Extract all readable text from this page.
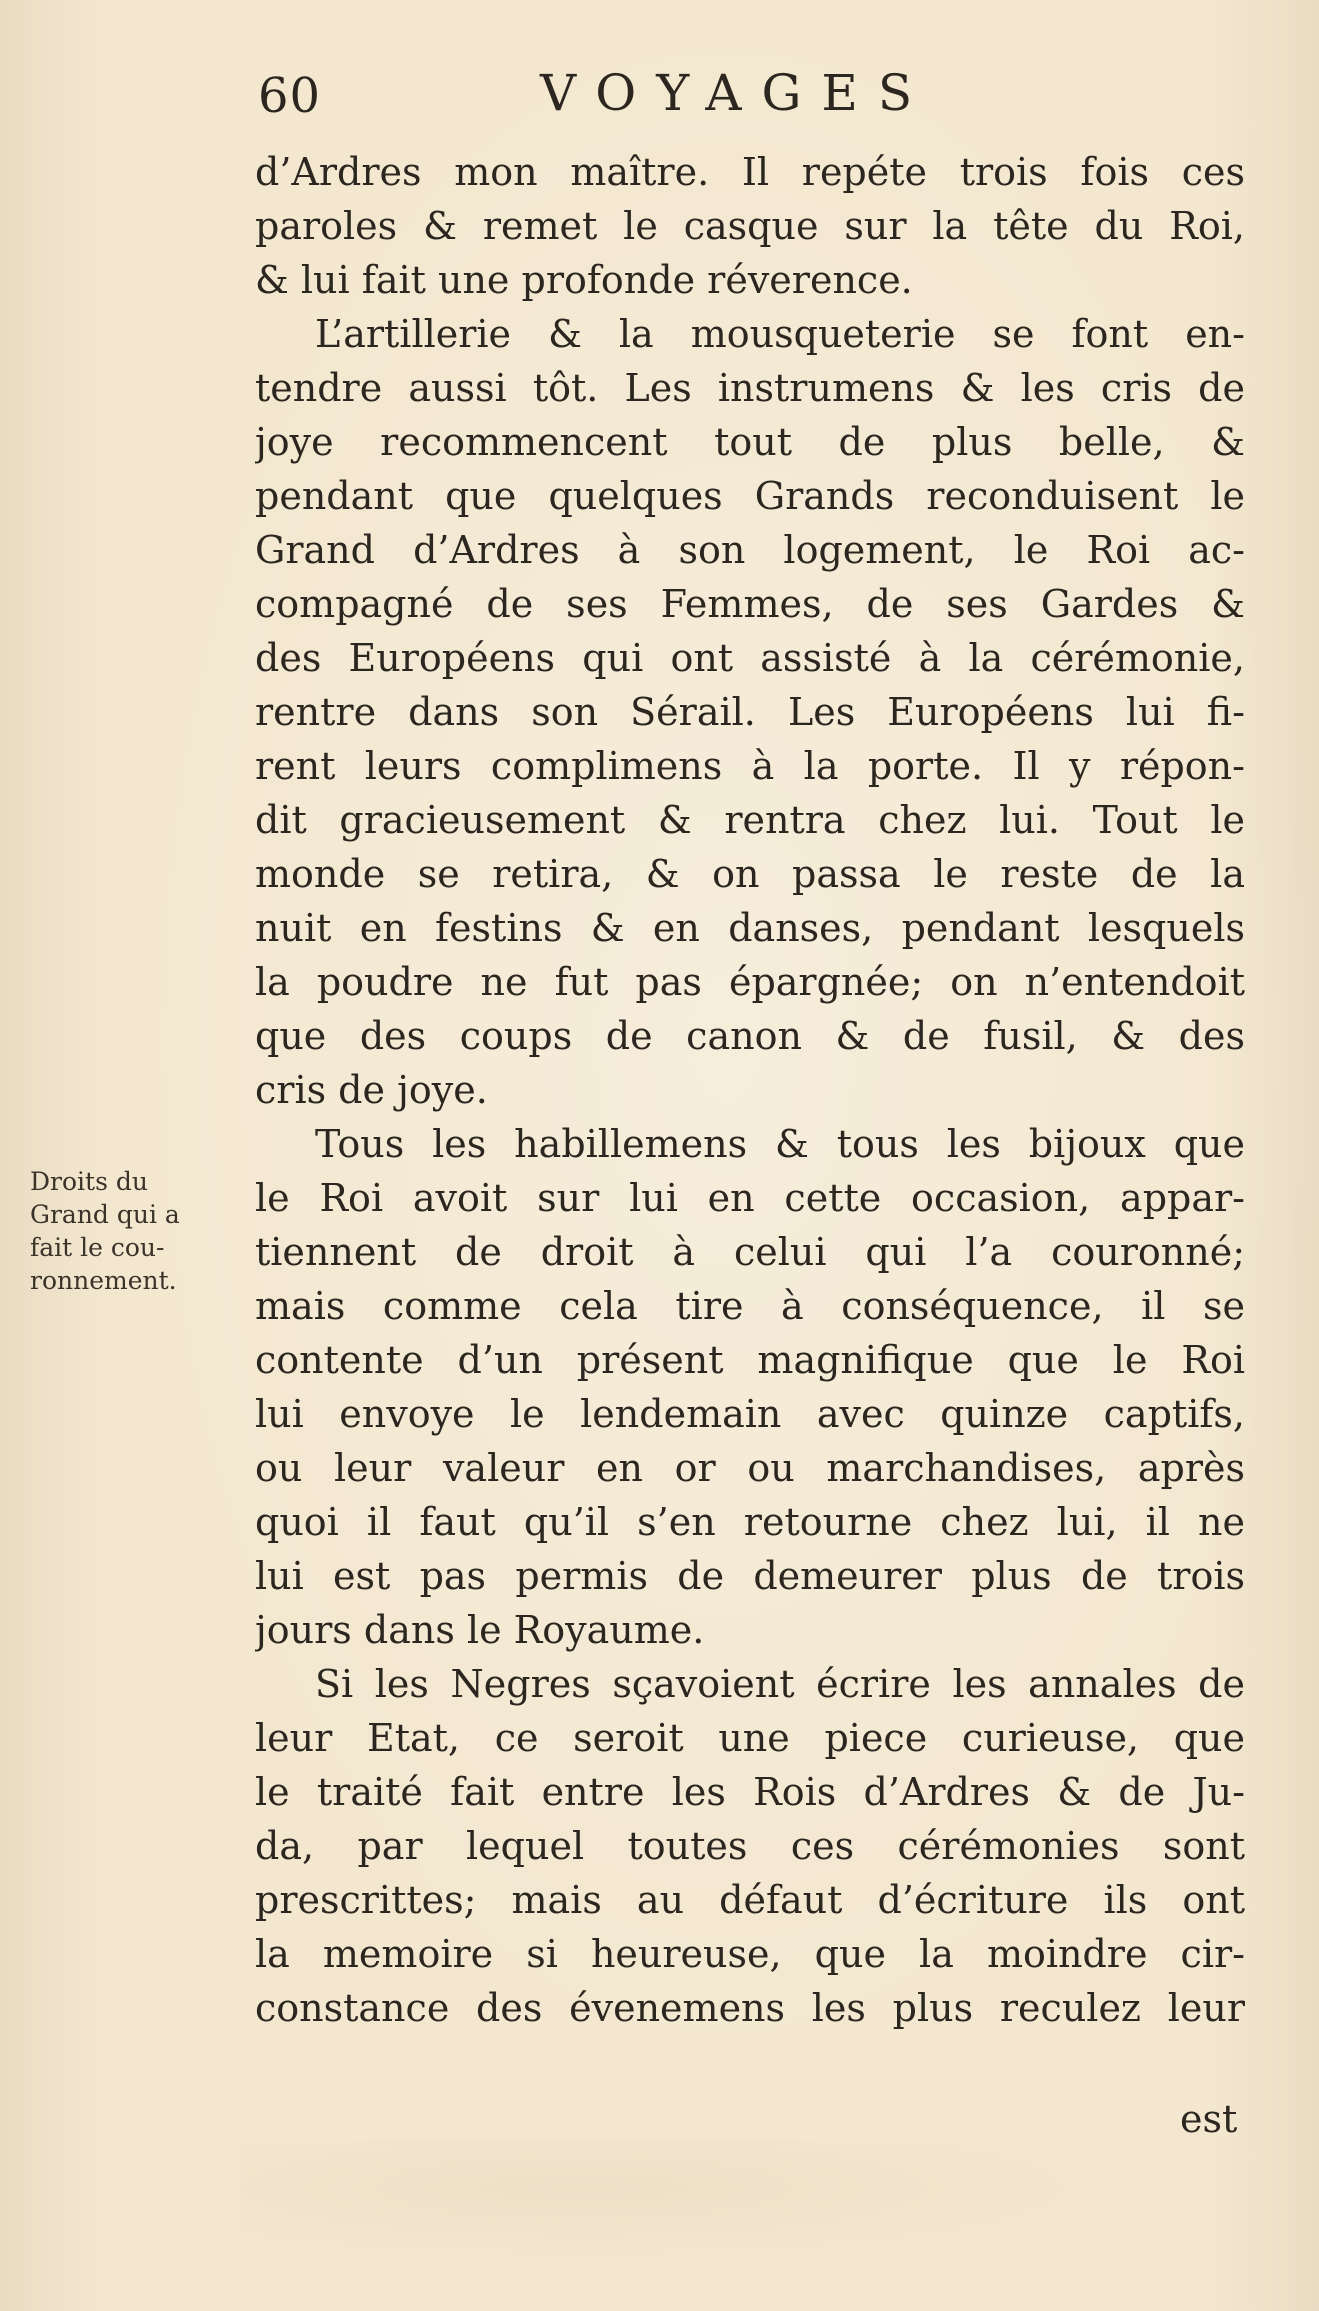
60	VOYAGES
Droits du
Grand qui a
fait le cou-
ronnement.
d’Ardres mon maître. Il repéte trois fois ces
paroles & remet le casque sur la tête du Roi,
& lui fait une profonde réverence.
L’artillerie & la mousqueterie se font en-
tendre aussi tôt. Les instrumens & les cris de
joye recommencent tout de plus belle, &
pendant que quelques Grands reconduisent le
Grand d’Ardres à son logement, le Roi ac-
compagné de ses Femmes, de ses Gardes &
des Européens qui ont assisté à la cérémonie,
rentre dans son Sérail. Les Européens lui fi-
rent leurs complimens à la porte. Il y répon-
dit gracieusement & rentra chez lui. Tout le
monde se retira, & on passa le reste de la
nuit en festins & en danses, pendant lesquels
la poudre ne fut pas épargnée; on n’entendoit
que des coups de canon & de fusil, & des
cris de joye.
Tous les habillemens & tous les bijoux que
le Roi avoit sur lui en cette occasion, appar-
tiennent de droit à celui qui l’a couronné;
mais comme cela tire à conséquence, il se
contente d’un présent magnifique que le Roi
lui envoye le lendemain avec quinze captifs,
ou leur valeur en or ou marchandises, après
quoi il faut qu’il s’en retourne chez lui, il ne
lui est pas permis de demeurer plus de trois
jours dans le Royaume.
Si les Negres sçavoient écrire les annales de
leur Etat, ce seroit une piece curieuse, que
le traité fait entre les Rois d’Ardres & de Ju-
da, par lequel toutes ces cérémonies sont
prescrittes; mais au défaut d’écriture ils ont
la memoire si heureuse, que la moindre cir-
constance des évenemens les plus reculez leur
est
